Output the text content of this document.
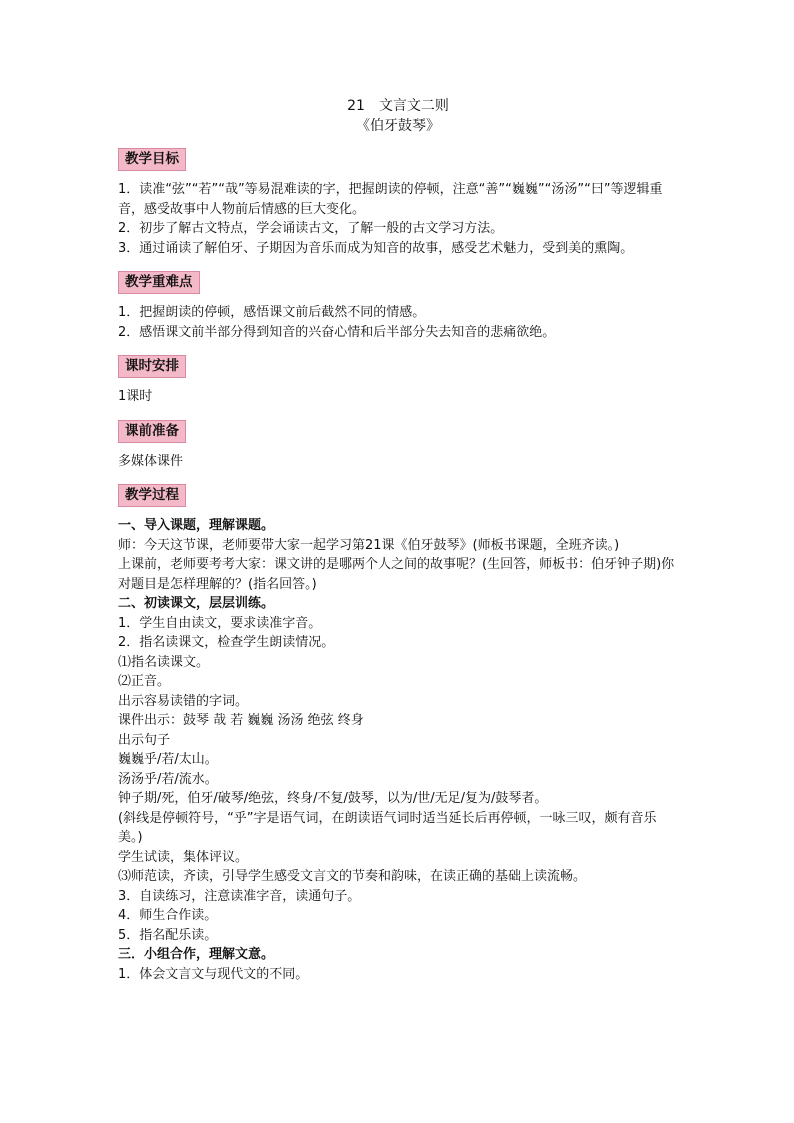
21　文言文二则

《伯牙鼓琴》

教学目标

1．读准“弦”“若”“哉”等易混难读的字，把握朗读的停顿，注意“善”“巍巍”“汤汤”“曰”等逻辑重音，感受故事中人物前后情感的巨大变化。

2．初步了解古文特点，学会诵读古文，了解一般的古文学习方法。

3．通过诵读了解伯牙、子期因为音乐而成为知音的故事，感受艺术魅力，受到美的熏陶。

教学重难点

1．把握朗读的停顿，感悟课文前后截然不同的情感。

2．感悟课文前半部分得到知音的兴奋心情和后半部分失去知音的悲痛欲绝。

课时安排

1课时

课前准备

多媒体课件

教学过程

一、导入课题，理解课题。

师：今天这节课，老师要带大家一起学习第21课《伯牙鼓琴》(师板书课题，全班齐读。)

上课前，老师要考考大家：课文讲的是哪两个人之间的故事呢？(生回答，师板书：伯牙钟子期)你对题目是怎样理解的？(指名回答。)

二、初读课文，层层训练。

1．学生自由读文，要求读准字音。

2．指名读课文，检查学生朗读情况。

⑴指名读课文。

⑵正音。

出示容易读错的字词。

课件出示：鼓琴 哉 若 巍巍 汤汤 绝弦 终身

出示句子

巍巍乎/若/太山。

汤汤乎/若/流水。

钟子期/死，伯牙/破琴/绝弦，终身/不复/鼓琴，以为/世/无足/复为/鼓琴者。

(斜线是停顿符号，“乎”字是语气词，在朗读语气词时适当延长后再停顿，一咏三叹，颇有音乐美。)

学生试读，集体评议。

⑶师范读，齐读，引导学生感受文言文的节奏和韵味，在读正确的基础上读流畅。

3．自读练习，注意读准字音，读通句子。

4．师生合作读。

5．指名配乐读。

三．小组合作，理解文意。

1．体会文言文与现代文的不同。
